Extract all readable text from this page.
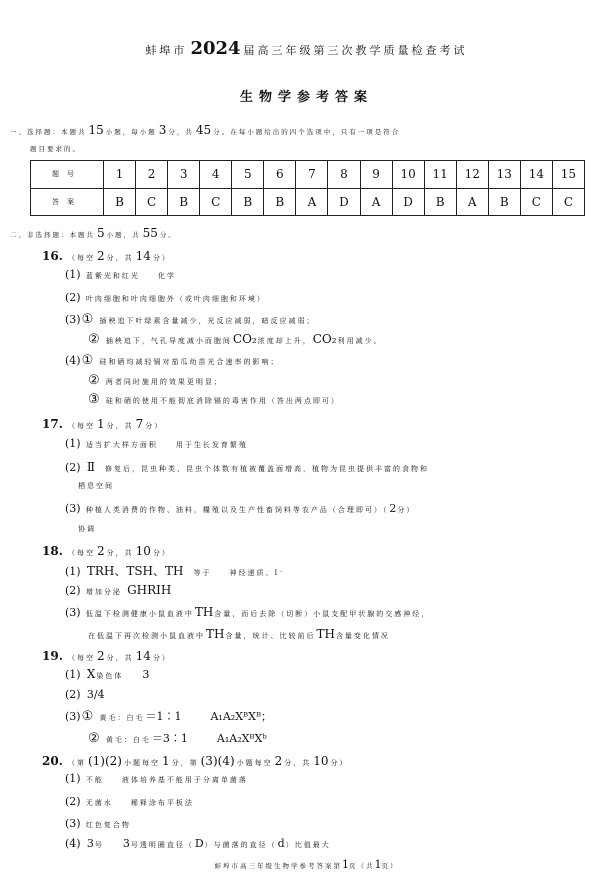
蚌埠市 2024 届高三年级第三次教学质量检查考试
生物学参考答案
一、选择题：本题共 15 小题，每小题 3 分，共 45 分。在每小题给出的四个选项中，只有一项是符合
题目要求的。
题号	1	2	3	4	5	6	7	8	9	10	11	12	13	14	15
答案	B	C	B	C	B	B	A	D	A	D	B	A	B	C	C
二、非选择题：本题共 5 小题，共 55 分。
16. （每空 2 分，共 14 分）
(1) 蓝紫光和红光　　化学
(2) 叶肉细胞和叶肉细胞外（或叶肉细胞和环境）
(3)① 插秧追下叶绿素含量减少，光反应减弱，暗反应减弱；
② 插秧追下，气孔导度减小而胞间CO₂浓度却上升，CO₂利用减少。
(4)① 硅和硒均减轻镉对茄瓜幼苗光合速率的影响；
② 两者同时施用的效果更明显；
③ 硅和硒的使用不能彻底消除镉的毒害作用（答出两点即可）
17. （每空 1 分，共 7 分）
(1) 适当扩大样方面积　　用于生长发育繁殖
(2) Ⅱ　修复后，昆虫种类、昆虫个体数有植被覆盖面增高，植物为昆虫提供丰富的食物和
栖息空间
(3) 种植人类消费的作物、油料，糧殖以及生产性畜饲料等农产品（合理即可）（2分）
协调
18. （每空 2 分，共 10 分）
(1) TRH、TSH、TH　等于　　神经递质、I⁻
(2) 增加分泌 GHRIH
(3) 低温下检测健康小鼠血液中TH含量，而后去除（切断）小鼠支配甲状腺的交感神经，
在低温下再次检测小鼠血液中TH含量，统计、比较前后TH含量变化情况
19. （每空 2 分，共 14 分）
(1) X染色体　　 3
(2) 3/4
(3)① 黄毛：白毛＝1∶1　　　	A₁A₂XᴮXᴮ；
② 黄毛：白毛＝3∶1　　　	A₁A₂XᴮXᵇ
20. （第 (1)(2) 小题每空 1 分，第 (3)(4) 小题每空 2 分，共 10 分）
(1) 不能　　液体培养基不能用于分离单菌落
(2) 无菌水　　稀释涂布平板法
(3) 红色复合物
(4) 3号　　 3号透明圈直径（D）与菌落的直径（d）比值最大
蚌埠市高三年级生物学参考答案第1页（共1页）
